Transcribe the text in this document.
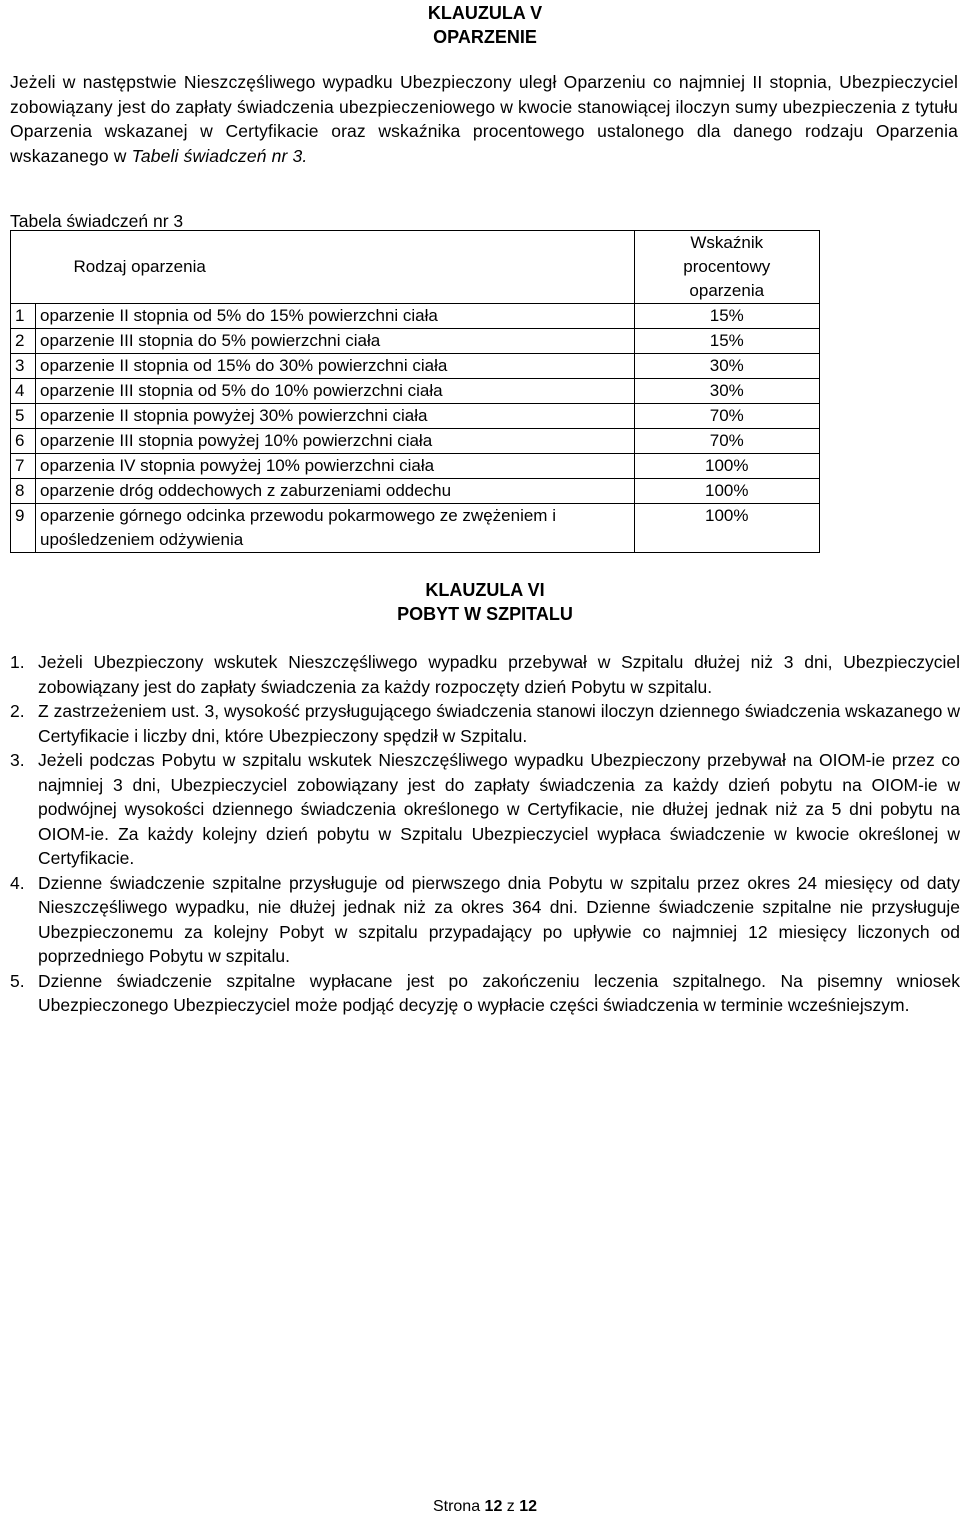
KLAUZULA V
OPARZENIE

Jeżeli w następstwie Nieszczęśliwego wypadku Ubezpieczony uległ Oparzeniu co najmniej II stopnia, Ubezpieczyciel zobowiązany jest do zapłaty świadczenia ubezpieczeniowego w kwocie stanowiącej iloczyn sumy ubezpieczenia z tytułu Oparzenia wskazanej w Certyfikacie oraz wskaźnika procentowego ustalonego dla danego rodzaju Oparzenia wskazanego w Tabeli świadczeń nr 3.

Tabela świadczeń nr 3
	Rodzaj oparzenia	Wskaźnik
procentowy
oparzenia

1	oparzenie II stopnia od 5% do 15% powierzchni ciała	15%
2	oparzenie III stopnia do 5% powierzchni ciała	15%
3	oparzenie II stopnia od 15% do 30% powierzchni ciała	30%
4	oparzenie III stopnia od 5% do 10% powierzchni ciała	30%
5	oparzenie II stopnia powyżej 30% powierzchni ciała	70%
6	oparzenie III stopnia powyżej 10% powierzchni ciała	70%
7	oparzenia IV stopnia powyżej 10% powierzchni ciała	100%
8	oparzenie dróg oddechowych z zaburzeniami oddechu	100%
9	oparzenie górnego odcinka przewodu pokarmowego ze zwężeniem i upośledzeniem odżywienia	100%
KLAUZULA VI
POBYT W SZPITALU
1. Jeżeli Ubezpieczony wskutek Nieszczęśliwego wypadku przebywał w Szpitalu dłużej niż 3 dni, Ubezpieczyciel zobowiązany jest do zapłaty świadczenia za każdy rozpoczęty dzień Pobytu w szpitalu.
2. Z zastrzeżeniem ust. 3, wysokość przysługującego świadczenia stanowi iloczyn dziennego świadczenia wskazanego w Certyfikacie i liczby dni, które Ubezpieczony spędził w Szpitalu.
3. Jeżeli podczas Pobytu w szpitalu wskutek Nieszczęśliwego wypadku Ubezpieczony przebywał na OIOM-ie przez co najmniej 3 dni, Ubezpieczyciel zobowiązany jest do zapłaty świadczenia za każdy dzień pobytu na OIOM-ie w podwójnej wysokości dziennego świadczenia określonego w Certyfikacie, nie dłużej jednak niż za 5 dni pobytu na OIOM-ie. Za każdy kolejny dzień pobytu w Szpitalu Ubezpieczyciel wypłaca świadczenie w kwocie określonej w Certyfikacie.
4. Dzienne świadczenie szpitalne przysługuje od pierwszego dnia Pobytu w szpitalu przez okres 24 miesięcy od daty Nieszczęśliwego wypadku, nie dłużej jednak niż za okres 364 dni. Dzienne świadczenie szpitalne nie przysługuje Ubezpieczonemu za kolejny Pobyt w szpitalu przypadający po upływie co najmniej 12 miesięcy liczonych od poprzedniego Pobytu w szpitalu.
5. Dzienne świadczenie szpitalne wypłacane jest po zakończeniu leczenia szpitalnego. Na pisemny wniosek Ubezpieczonego Ubezpieczyciel może podjąć decyzję o wypłacie części świadczenia w terminie wcześniejszym.
Strona 12 z 12
